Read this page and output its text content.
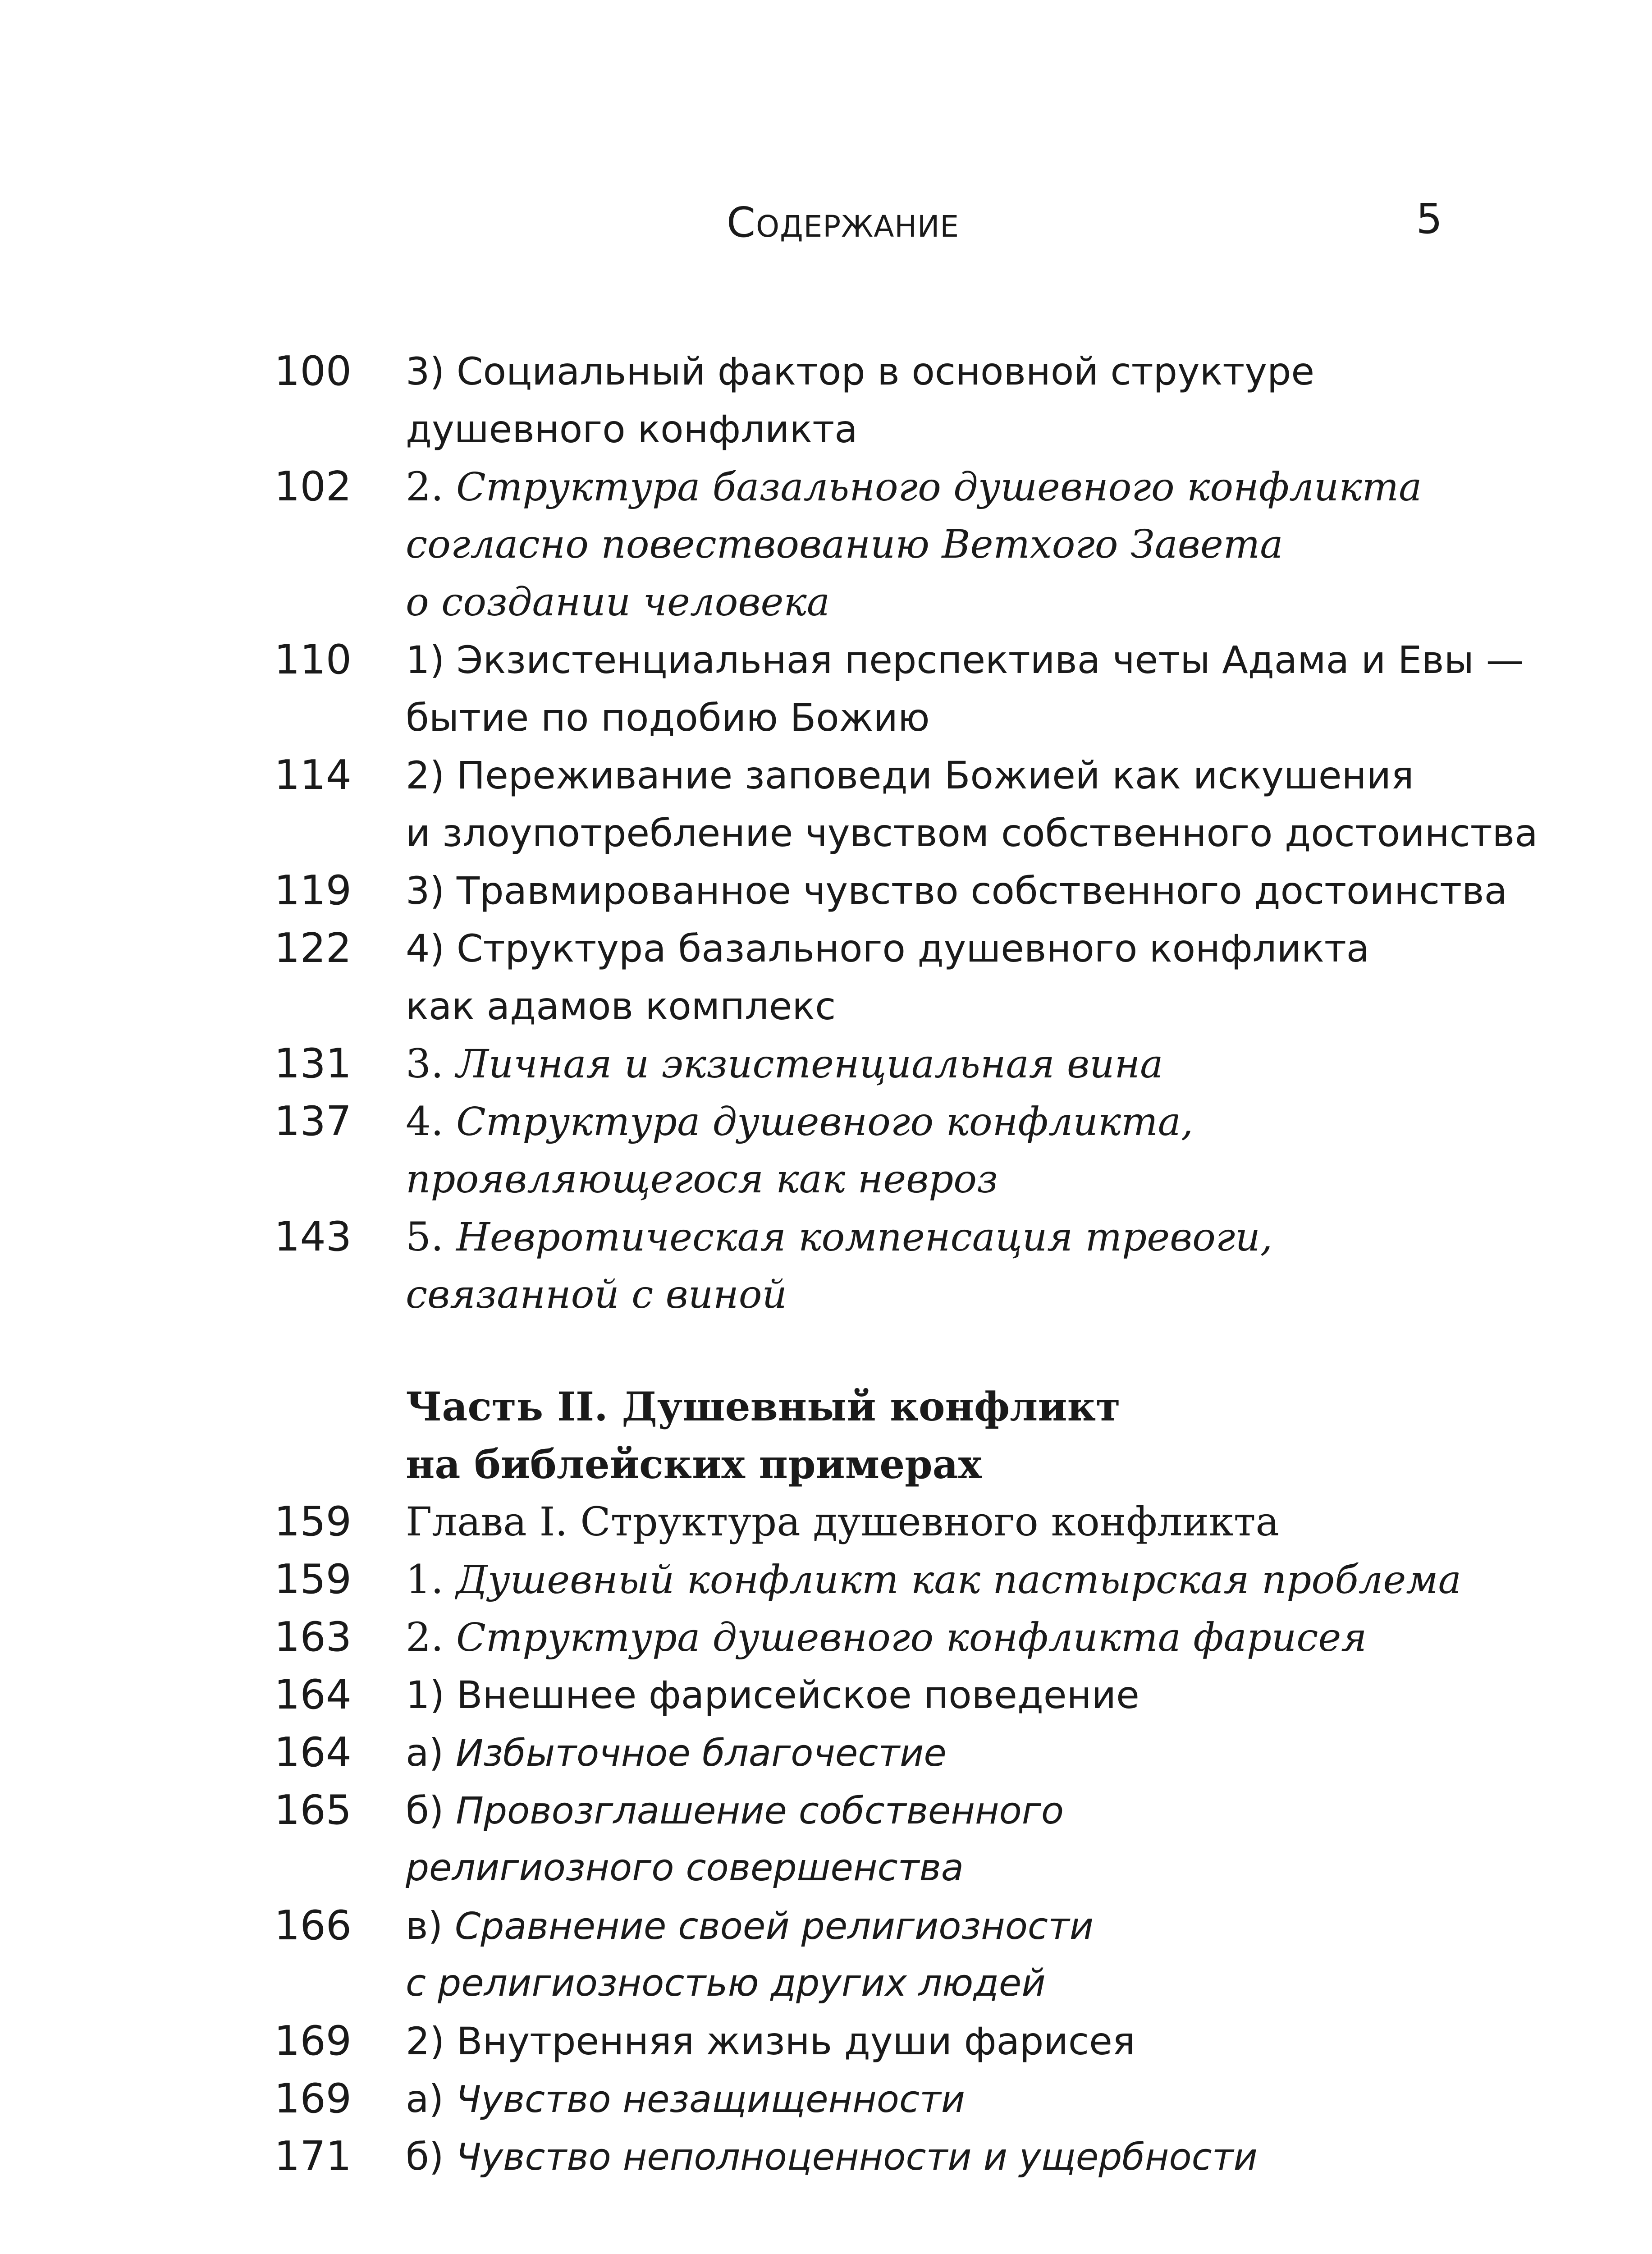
СОДЕРЖАНИЕ	5
100 3) Социальный фактор в основной структуре
душевного конфликта
102 2. Структура базального душевного конфликта
согласно повествованию Ветхого Завета
о создании человека
110 1) Экзистенциальная перспектива четы Адама и Евы —
бытие по подобию Божию
114 2) Переживание заповеди Божией как искушения
и злоупотребление чувством собственного достоинства
119 3) Травмированное чувство собственного достоинства
122 4) Структура базального душевного конфликта
как адамов комплекс
131 3. Личная и экзистенциальная вина
137 4. Структура душевного конфликта,
проявляющегося как невроз
143 5. Невротическая компенсация тревоги,
связанной с виной
Часть II. Душевный конфликт
на библейских примерах
159 Глава I. Структура душевного конфликта
159 1. Душевный конфликт как пастырская проблема
163 2. Структура душевного конфликта фарисея
164 1) Внешнее фарисейское поведение
164 а) Избыточное благочестие
165 б) Провозглашение собственного
религиозного совершенства
166 в) Сравнение своей религиозности
с религиозностью других людей
169 2) Внутренняя жизнь души фарисея
169 а) Чувство незащищенности
171 б) Чувство неполноценности и ущербности
